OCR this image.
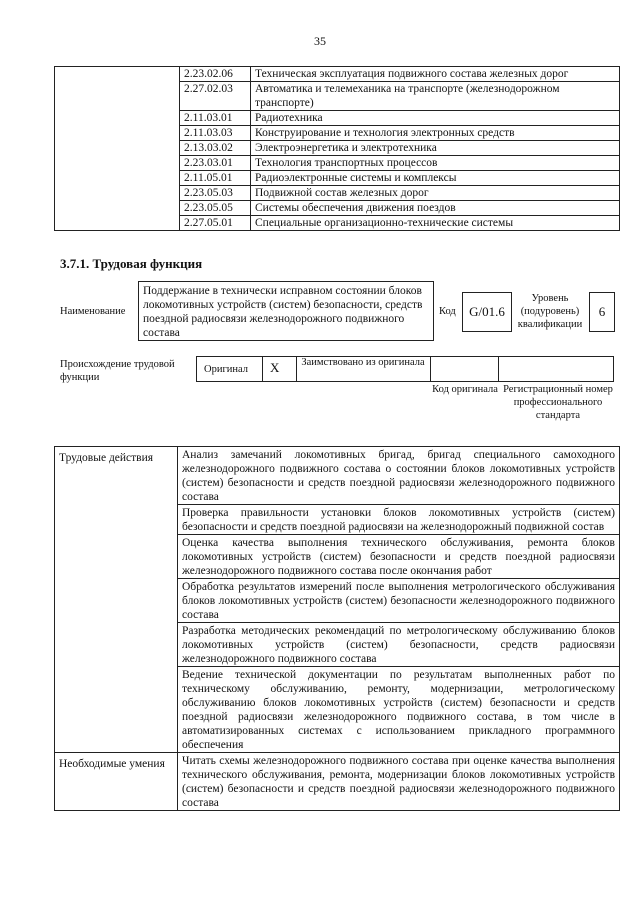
35
	2.23.02.06	Техническая эксплуатация подвижного состава железных дорог
	2.27.02.03	Автоматика и телемеханика на транспорте (железнодорожном транспорте)
	2.11.03.01	Радиотехника
	2.11.03.03	Конструирование и технология электронных средств
	2.13.03.02	Электроэнергетика и электротехника
	2.23.03.01	Технология транспортных процессов
	2.11.05.01	Радиоэлектронные системы и комплексы
	2.23.05.03	Подвижной состав железных дорог
	2.23.05.05	Системы обеспечения движения поездов
	2.27.05.01	Специальные организационно-технические системы
3.7.1. Трудовая функция
Наименование
Поддержание в технически исправном состоянии блоков локомотивных устройств (систем) безопасности, средств поездной радиосвязи железнодорожного подвижного состава
Код	G/01.6
Уровень (подуровень) квалификации
6
Происхождение трудовой функции
Оригинал X Заимствовано из оригинала
Код оригинала Регистрационный номер профессионального стандарта
Трудовые действия	Анализ замечаний локомотивных бригад, бригад специального самоходного железнодорожного подвижного состава о состоянии блоков локомотивных устройств (систем) безопасности и средств поездной радиосвязи железнодорожного подвижного состава
	Проверка правильности установки блоков локомотивных устройств (систем) безопасности и средств поездной радиосвязи на железнодорожный подвижной состав
	Оценка качества выполнения технического обслуживания, ремонта блоков локомотивных устройств (систем) безопасности и средств поездной радиосвязи железнодорожного подвижного состава после окончания работ
	Обработка результатов измерений после выполнения метрологического обслуживания блоков локомотивных устройств (систем) безопасности железнодорожного подвижного состава
	Разработка методических рекомендаций по метрологическому обслуживанию блоков локомотивных устройств (систем) безопасности, средств радиосвязи железнодорожного подвижного состава
	Ведение технической документации по результатам выполненных работ по техническому обслуживанию, ремонту, модернизации, метрологическому обслуживанию блоков локомотивных устройств (систем) безопасности и средств поездной радиосвязи железнодорожного подвижного состава, в том числе в автоматизированных системах с использованием прикладного программного обеспечения
Необходимые умения	Читать схемы железнодорожного подвижного состава при оценке качества выполнения технического обслуживания, ремонта, модернизации блоков локомотивных устройств (систем) безопасности и средств поездной радиосвязи железнодорожного подвижного состава
